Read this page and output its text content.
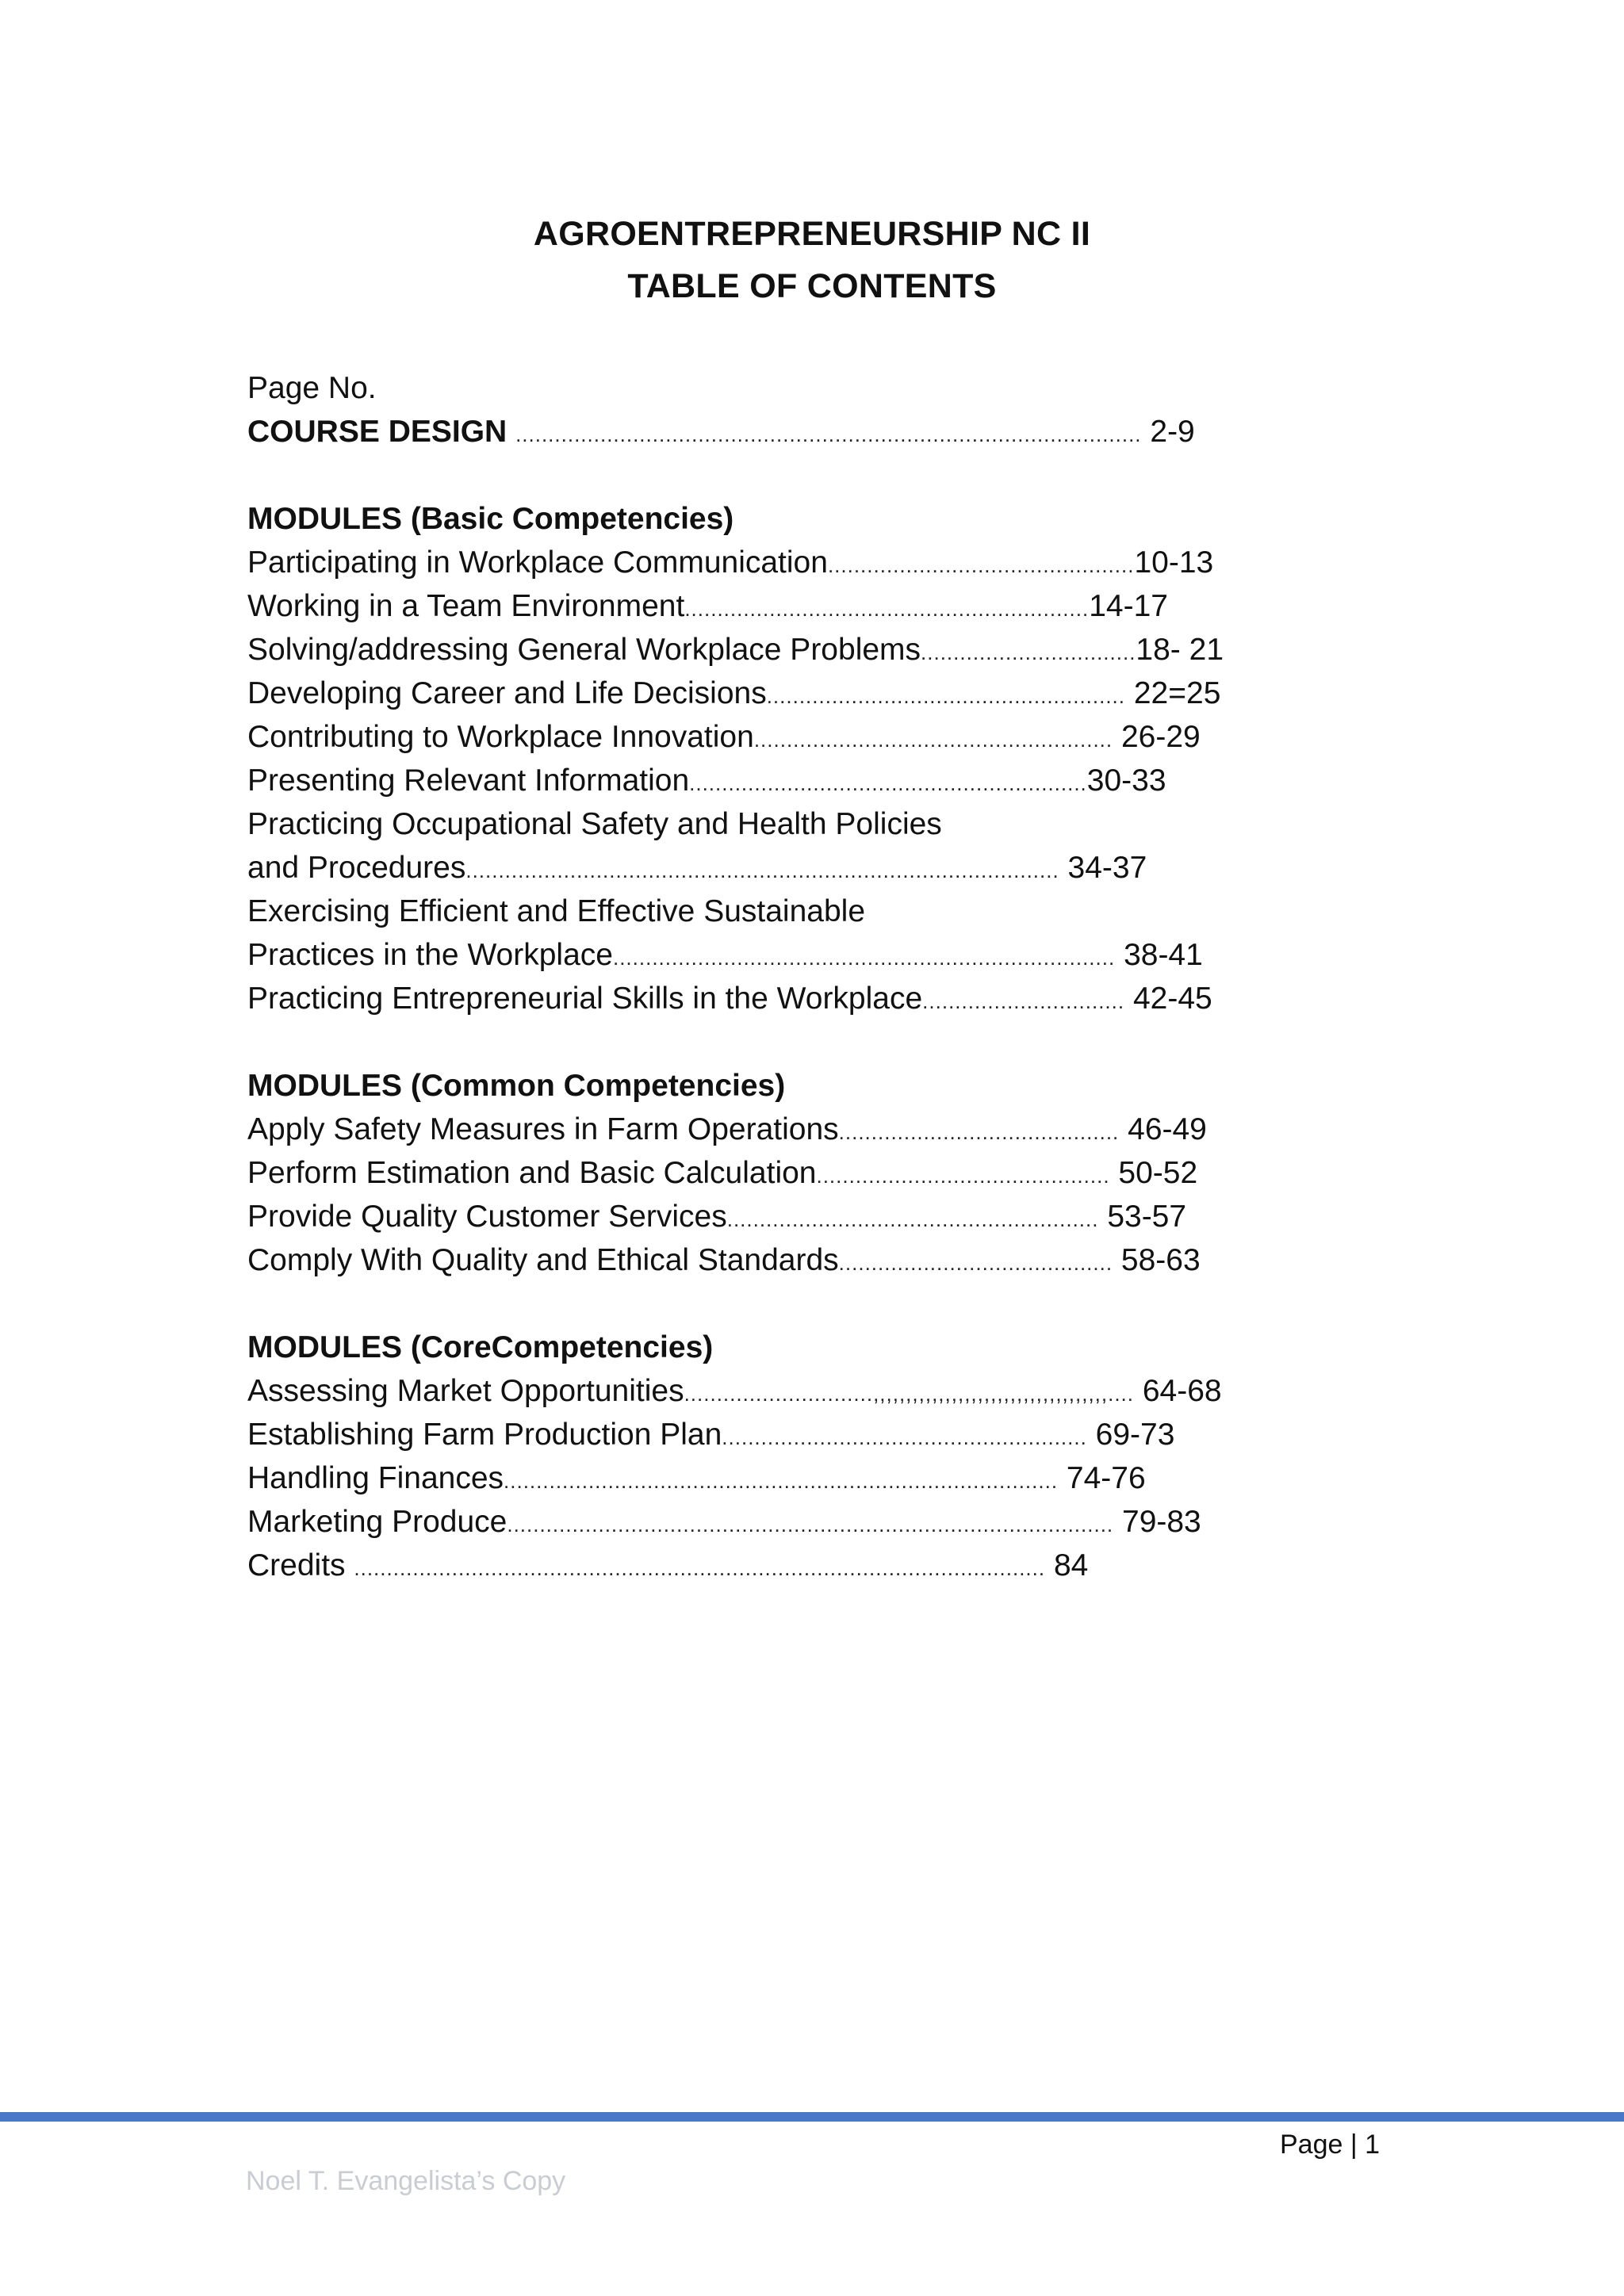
AGROENTREPRENEURSHIP NC II
TABLE OF CONTENTS
Page No.
COURSE DESIGN ................................................................................................ 2-9
MODULES (Basic Competencies)
Participating in Workplace Communication...............................................10-13
Working in a Team Environment..............................................................14-17
Solving/addressing General Workplace Problems.................................18- 21
Developing Career and Life Decisions....................................................... 22=25
Contributing to Workplace Innovation....................................................... 26-29
Presenting Relevant Information.............................................................30-33
Practicing Occupational Safety and Health Policies
and Procedures........................................................................................... 34-37
Exercising Efficient and Effective Sustainable
Practices in the Workplace............................................................................. 38-41
Practicing Entrepreneurial Skills in the Workplace............................... 42-45
MODULES (Common Competencies)
Apply Safety Measures in Farm Operations........................................... 46-49
Perform Estimation and Basic Calculation............................................. 50-52
Provide Quality Customer Services......................................................... 53-57
Comply With Quality and Ethical Standards.......................................... 58-63
MODULES (CoreCompetencies)
Assessing Market Opportunities.............................,,,,,,,,,,,,,,,,,,,,,,,,,,,,,,,,,,,,.... 64-68
Establishing Farm Production Plan........................................................ 69-73
Handling Finances..................................................................................... 74-76
Marketing Produce............................................................................................. 79-83
Credits .......................................................................................................... 84
Page | 1
Noel T. Evangelista’s Copy
